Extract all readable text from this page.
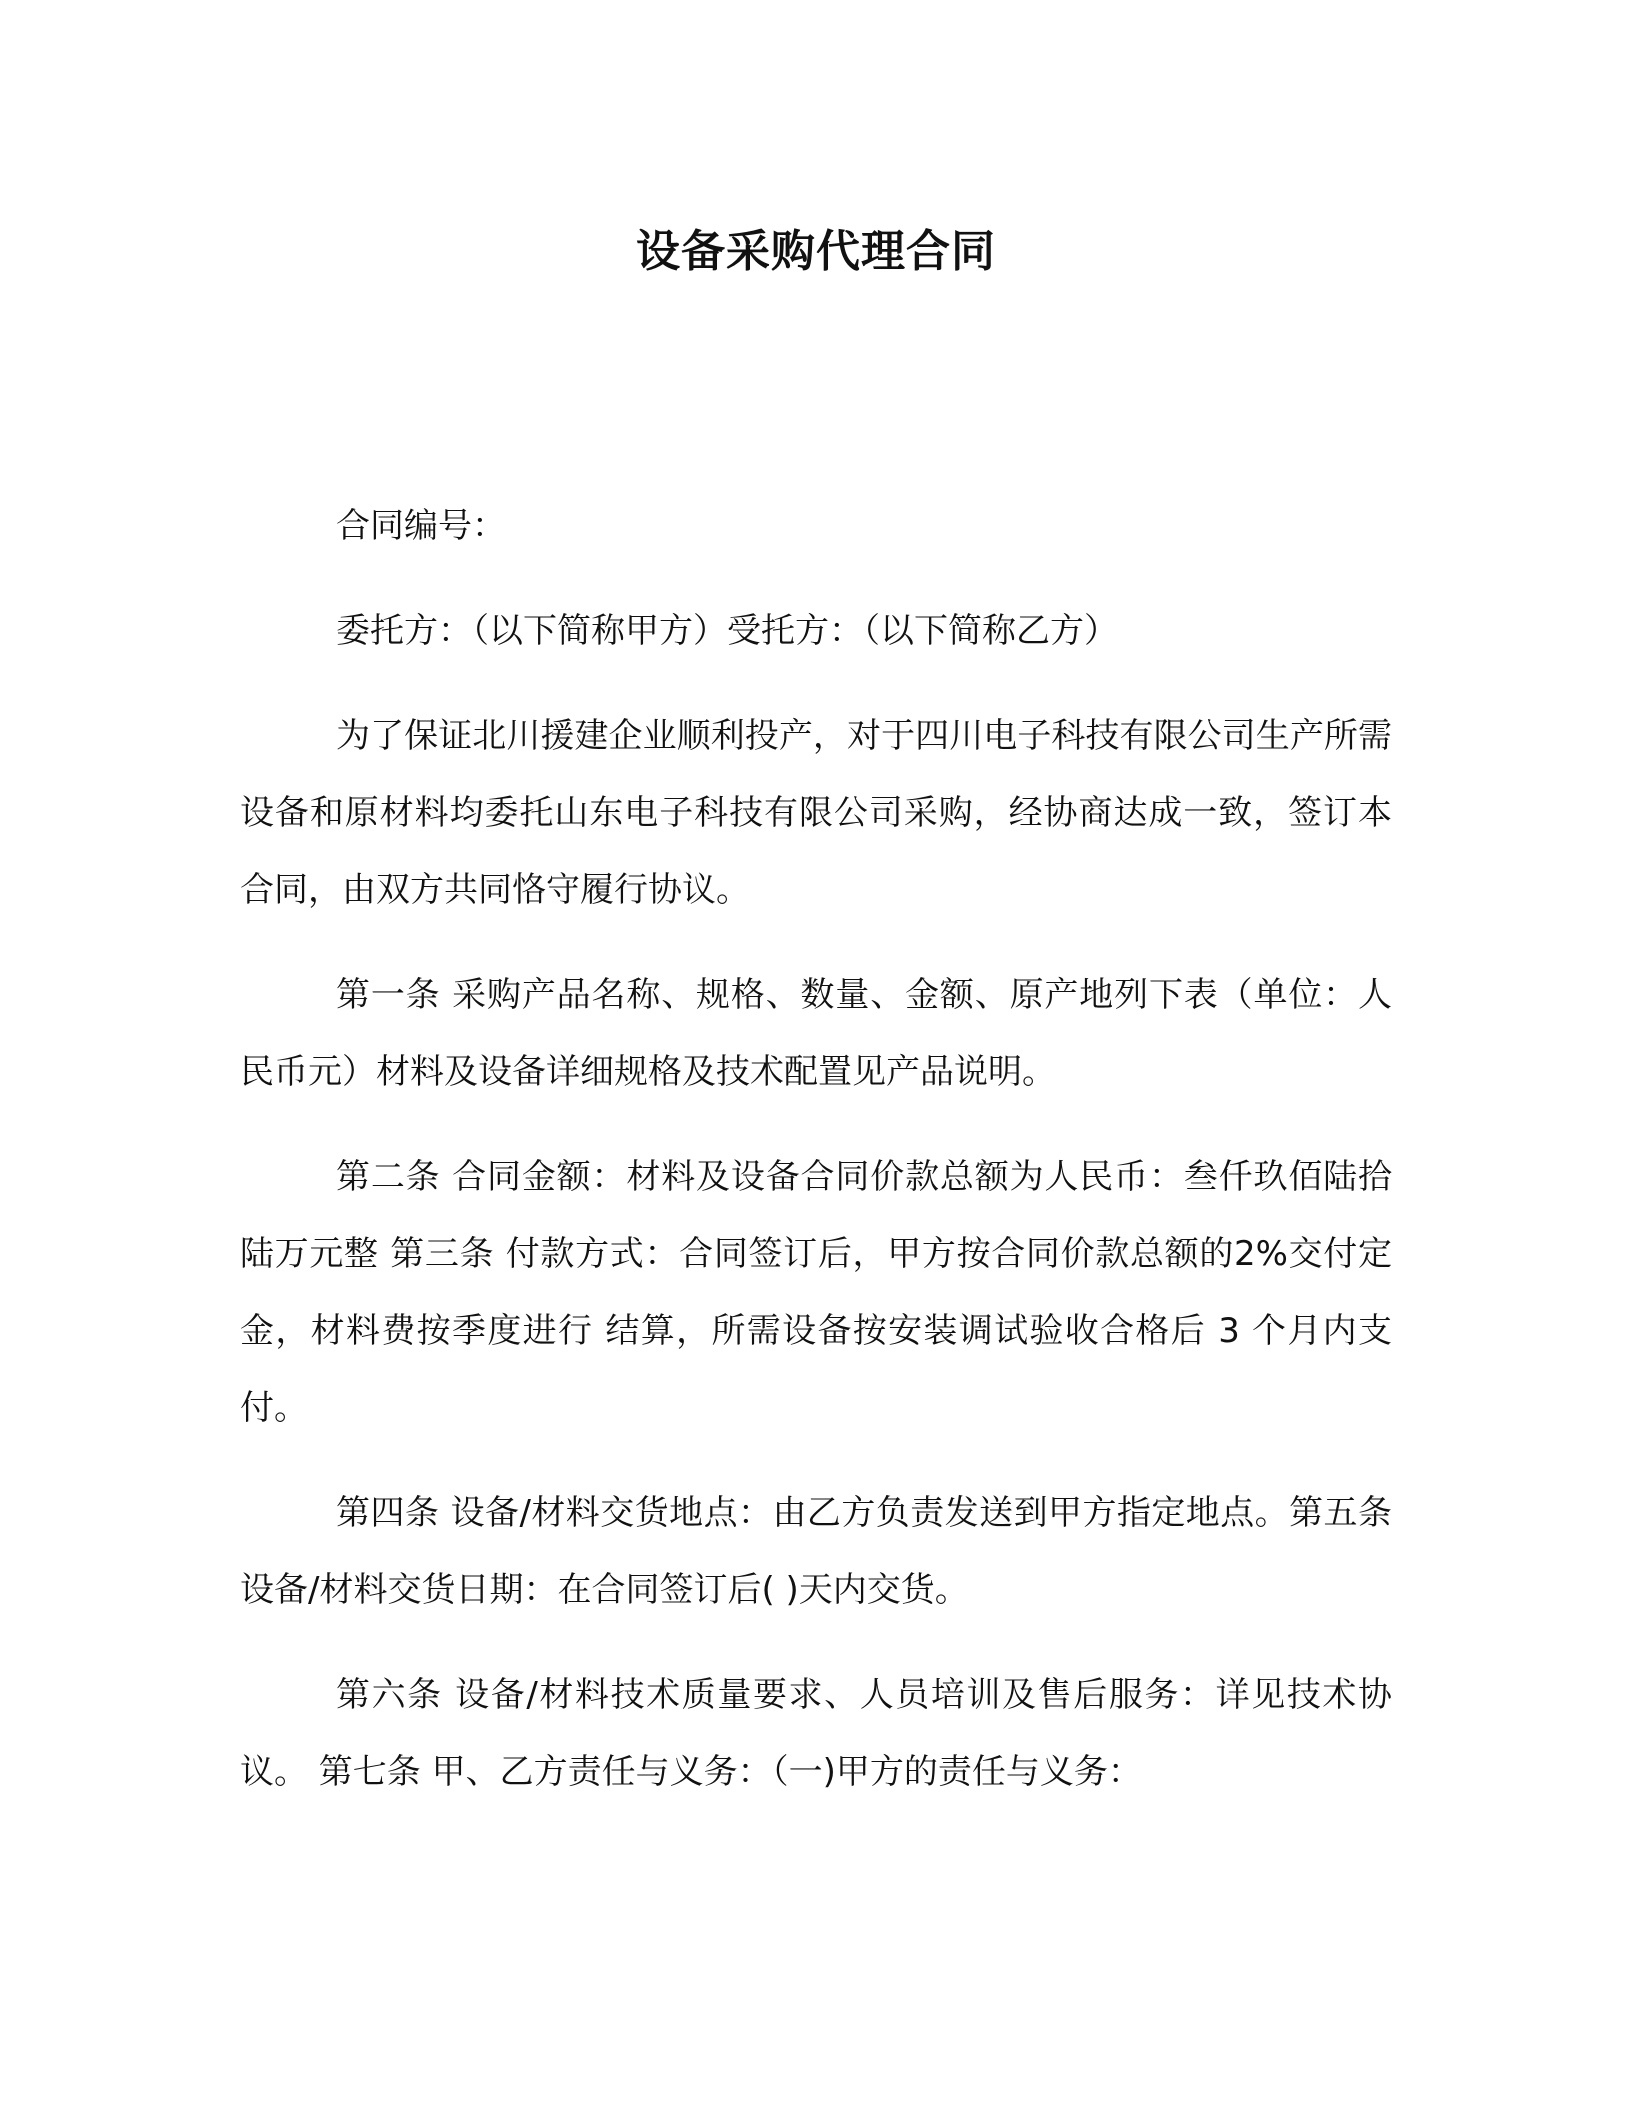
设备采购代理合同

合同编号：

委托方：（以下简称甲方）受托方：（以下简称乙方）

为了保证北川援建企业顺利投产，对于四川电子科技有限公司生产所需设备和原材料均委托山东电子科技有限公司采购，经协商达成一致，签订本合同，由双方共同恪守履行协议。

第一条 采购产品名称、规格、数量、金额、原产地列下表（单位：人民币元）材料及设备详细规格及技术配置见产品说明。

第二条 合同金额：材料及设备合同价款总额为人民币：叁仟玖佰陆拾陆万元整 第三条 付款方式：合同签订后，甲方按合同价款总额的2%交付定金，材料费按季度进行 结算，所需设备按安装调试验收合格后 3 个月内支付。

第四条 设备/材料交货地点：由乙方负责发送到甲方指定地点。第五条 设备/材料交货日期：在合同签订后( )天内交货。

第六条 设备/材料技术质量要求、人员培训及售后服务：详见技术协议。 第七条 甲、乙方责任与义务：（一)甲方的责任与义务：
